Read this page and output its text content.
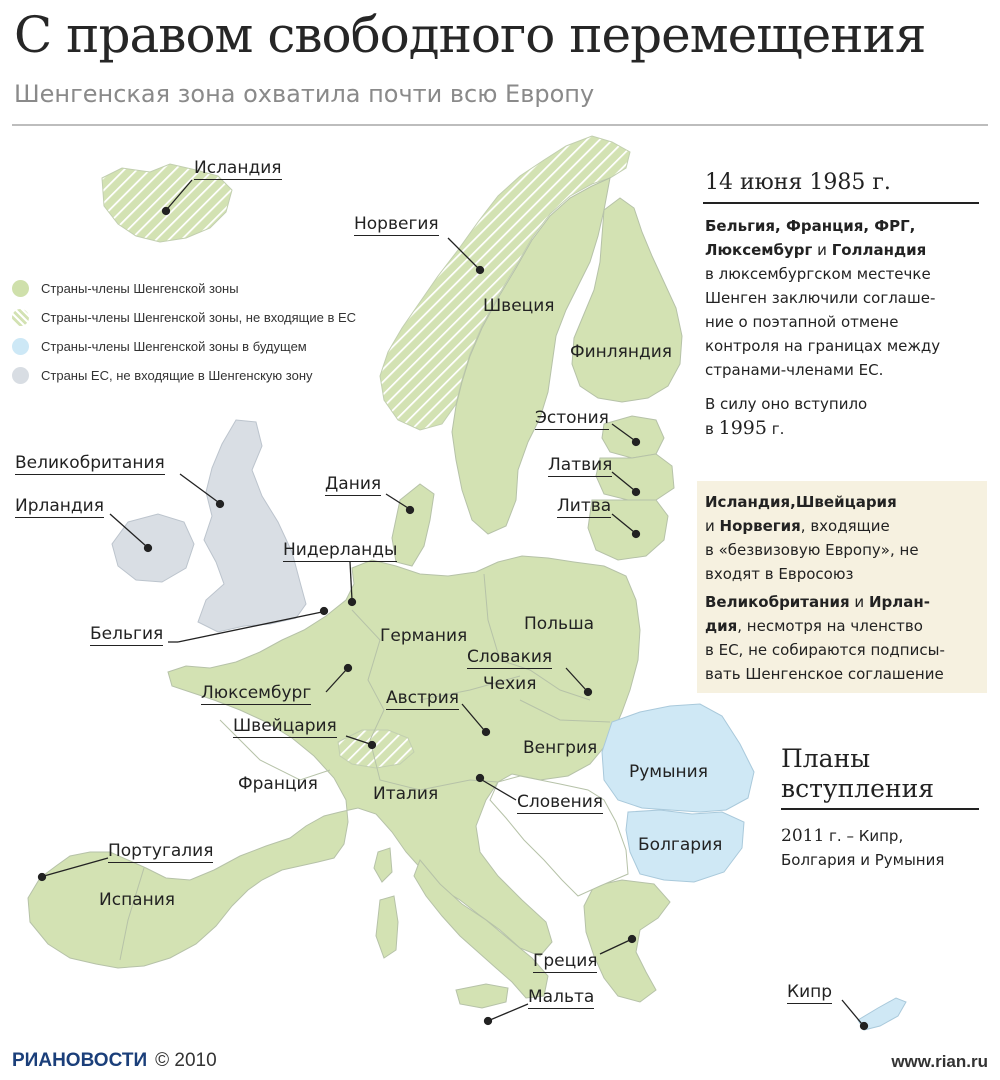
С правом свободного перемещения
Шенгенская зона охватила почти всю Европу
Страны-члены Шенгенской зоны
Страны-члены Шенгенской зоны, не входящие в ЕС
Страны-члены Шенгенской зоны в будущем
Страны ЕС, не входящие в Шенгенскую зону
Исландия
Норвегия
Швеция
Финляндия
Эстония
Латвия
Литва
Великобритания
Ирландия
Дания
Нидерланды
Бельгия	Германия
Польша
Люксембург
Словакия
Чехия
Австрия
Швейцария
Венгрия
Франция	Италия	Словения
Румыния
Болгария
Португалия
Испания
Греция
Мальта	Кипр
14 июня 1985 г.
Бельгия, Франция, ФРГ,
Люксембург и Голландия
в люксембургском местечке
Шенген заключили соглаше-
ние о поэтапной отмене
контроля на границах между
странами-членами ЕС.
В силу оно вступило
в 1995 г.
Исландия,Швейцария
и Норвегия, входящие
в «безвизовую Европу», не
входят в Евросоюз
Великобритания и Ирлан-
дия, несмотря на членство
в ЕС, не собираются подписы-
вать Шенгенское соглашение
Планы
вступления
2011 г. – Кипр,
Болгария и Румыния
РИАНОВОСТИ © 2010	www.rian.ru
